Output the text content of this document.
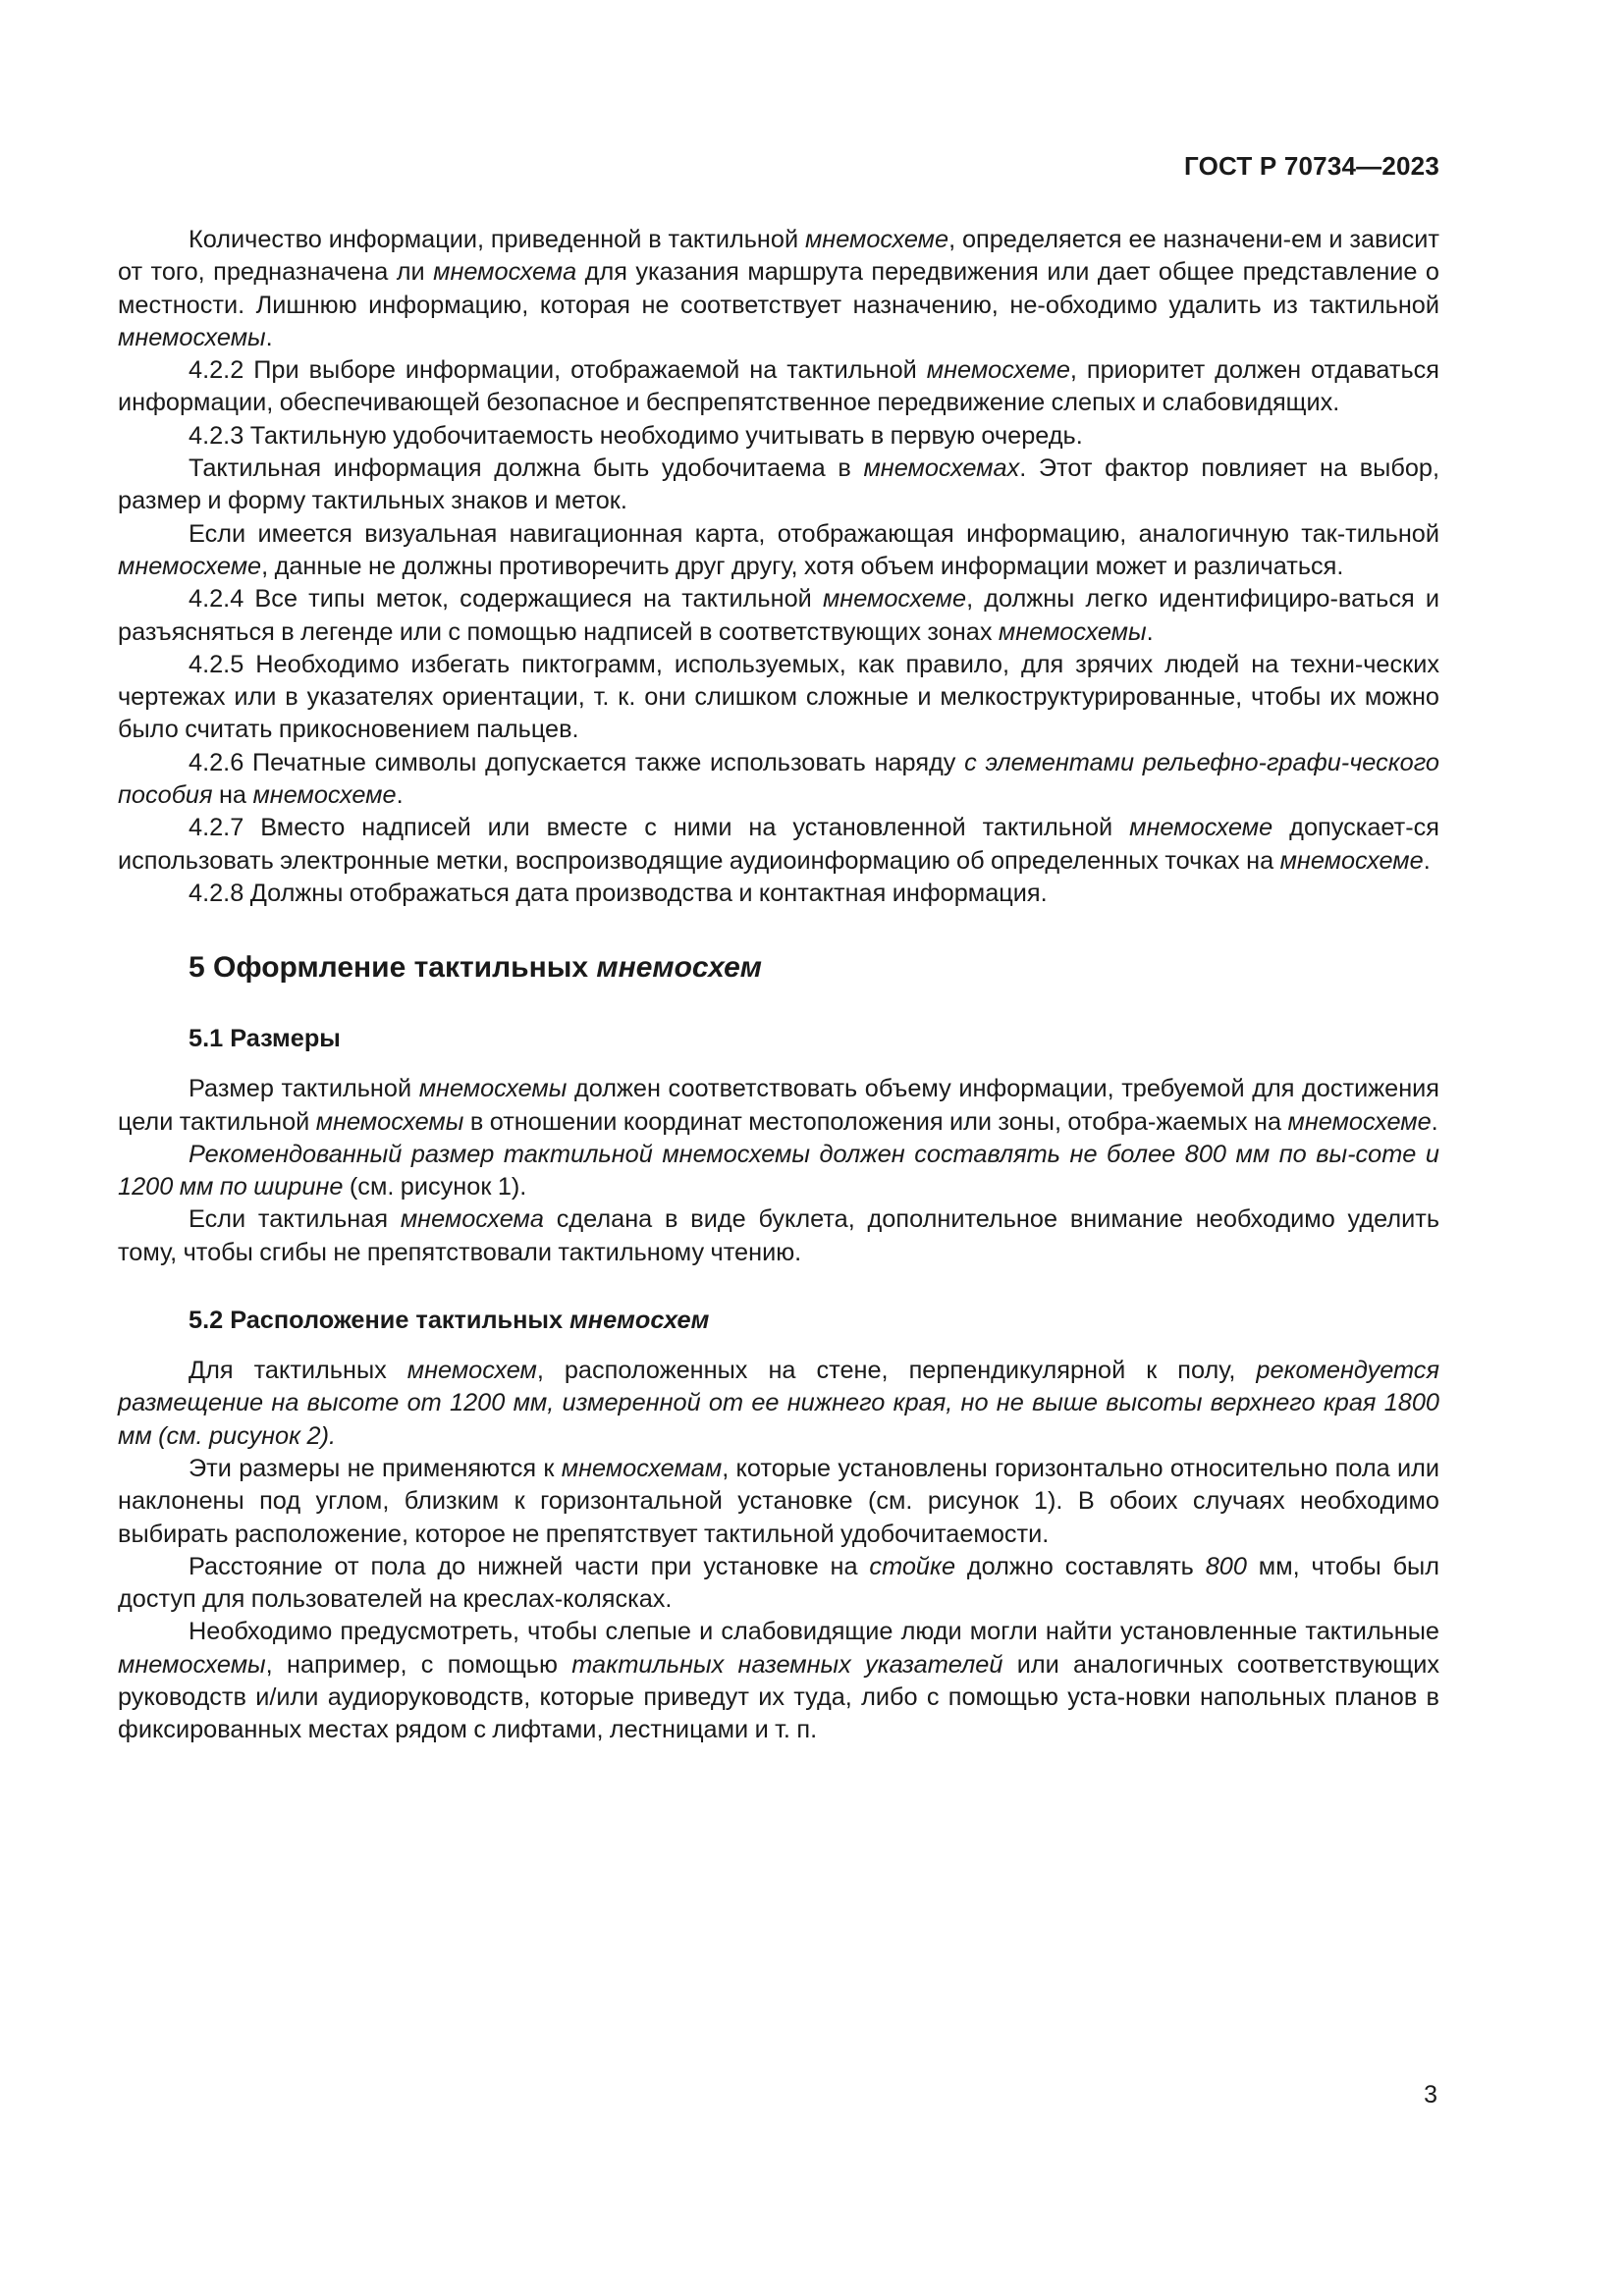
ГОСТ Р 70734—2023

Количество информации, приведенной в тактильной мнемосхеме, определяется ее назначени-ем и зависит от того, предназначена ли мнемосхема для указания маршрута передвижения или дает общее представление о местности. Лишнюю информацию, которая не соответствует назначению, не-обходимо удалить из тактильной мнемосхемы.

4.2.2 При выборе информации, отображаемой на тактильной мнемосхеме, приоритет должен отдаваться информации, обеспечивающей безопасное и беспрепятственное передвижение слепых и слабовидящих.

4.2.3 Тактильную удобочитаемость необходимо учитывать в первую очередь.

Тактильная информация должна быть удобочитаема в мнемосхемах. Этот фактор повлияет на выбор, размер и форму тактильных знаков и меток.

Если имеется визуальная навигационная карта, отображающая информацию, аналогичную так-тильной мнемосхеме, данные не должны противоречить друг другу, хотя объем информации может и различаться.

4.2.4 Все типы меток, содержащиеся на тактильной мнемосхеме, должны легко идентифициро-ваться и разъясняться в легенде или с помощью надписей в соответствующих зонах мнемосхемы.

4.2.5 Необходимо избегать пиктограмм, используемых, как правило, для зрячих людей на техни-ческих чертежах или в указателях ориентации, т. к. они слишком сложные и мелкоструктурированные, чтобы их можно было считать прикосновением пальцев.

4.2.6 Печатные символы допускается также использовать наряду с элементами рельефно-графи-ческого пособия на мнемосхеме.

4.2.7 Вместо надписей или вместе с ними на установленной тактильной мнемосхеме допускает-ся использовать электронные метки, воспроизводящие аудиоинформацию об определенных точках на мнемосхеме.

4.2.8 Должны отображаться дата производства и контактная информация.

5 Оформление тактильных мнемосхем
5.1 Размеры

Размер тактильной мнемосхемы должен соответствовать объему информации, требуемой для достижения цели тактильной мнемосхемы в отношении координат местоположения или зоны, отобра-жаемых на мнемосхеме.

Рекомендованный размер тактильной мнемосхемы должен составлять не более 800 мм по вы-соте и 1200 мм по ширине (см. рисунок 1).

Если тактильная мнемосхема сделана в виде буклета, дополнительное внимание необходимо уделить тому, чтобы сгибы не препятствовали тактильному чтению.

5.2 Расположение тактильных мнемосхем

Для тактильных мнемосхем, расположенных на стене, перпендикулярной к полу, рекомендуется размещение на высоте от 1200 мм, измеренной от ее нижнего края, но не выше высоты верхнего края 1800 мм (см. рисунок 2).

Эти размеры не применяются к мнемосхемам, которые установлены горизонтально относительно пола или наклонены под углом, близким к горизонтальной установке (см. рисунок 1). В обоих случаях необходимо выбирать расположение, которое не препятствует тактильной удобочитаемости.

Расстояние от пола до нижней части при установке на стойке должно составлять 800 мм, чтобы был доступ для пользователей на креслах-колясках.

Необходимо предусмотреть, чтобы слепые и слабовидящие люди могли найти установленные тактильные мнемосхемы, например, с помощью тактильных наземных указателей или аналогичных соответствующих руководств и/или аудиоруководств, которые приведут их туда, либо с помощью уста-новки напольных планов в фиксированных местах рядом с лифтами, лестницами и т. п.

3
